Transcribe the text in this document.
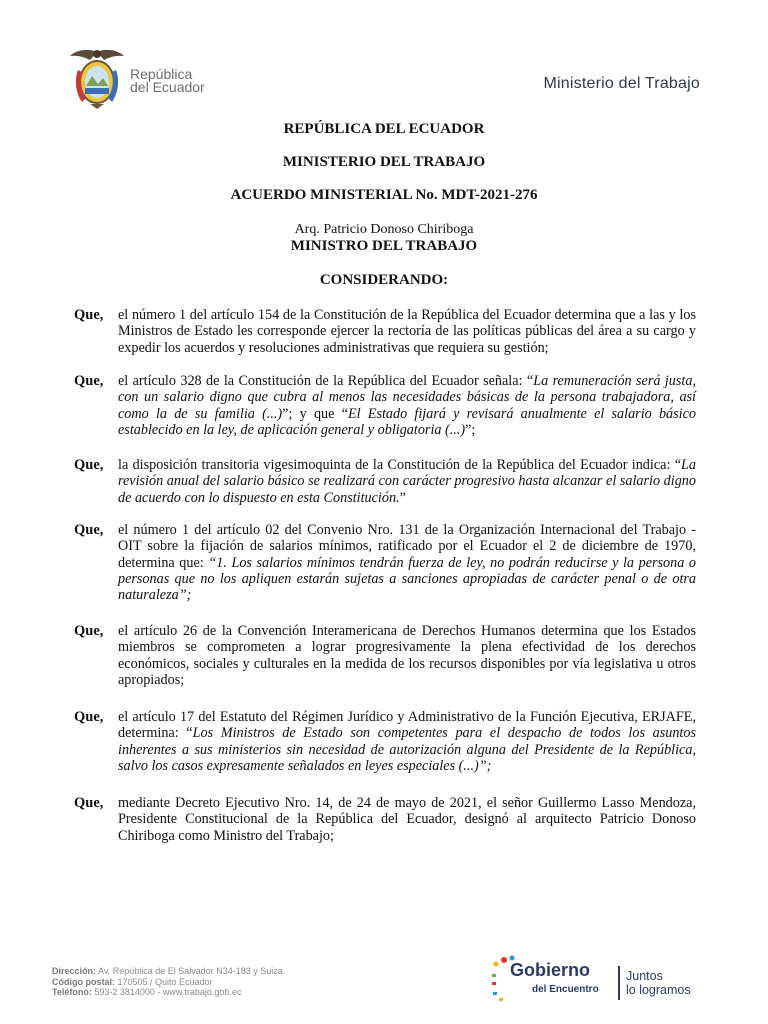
República
del Ecuador	Ministerio del Trabajo
REPÚBLICA DEL ECUADOR
MINISTERIO DEL TRABAJO
ACUERDO MINISTERIAL No. MDT-2021-276
Arq. Patricio Donoso Chiriboga
MINISTRO DEL TRABAJO
CONSIDERANDO:
Que, el número 1 del artículo 154 de la Constitución de la República del Ecuador determina que a las y los Ministros de Estado les corresponde ejercer la rectoría de las políticas públicas del área a su cargo y expedir los acuerdos y resoluciones administrativas que requiera su gestión;
Que, el artículo 328 de la Constitución de la República del Ecuador señala: “La remuneración será justa, con un salario digno que cubra al menos las necesidades básicas de la persona trabajadora, así como la de su familia (...)”; y que “El Estado fijará y revisará anualmente el salario básico establecido en la ley, de aplicación general y obligatoria (...)”;
Que, la disposición transitoria vigesimoquinta de la Constitución de la República del Ecuador indica: “La revisión anual del salario básico se realizará con carácter progresivo hasta alcanzar el salario digno de acuerdo con lo dispuesto en esta Constitución.”
Que, el número 1 del artículo 02 del Convenio Nro. 131 de la Organización Internacional del Trabajo - OIT sobre la fijación de salarios mínimos, ratificado por el Ecuador el 2 de diciembre de 1970, determina que: “1. Los salarios mínimos tendrán fuerza de ley, no podrán reducirse y la persona o personas que no los apliquen estarán sujetas a sanciones apropiadas de carácter penal o de otra naturaleza”;
Que, el artículo 26 de la Convención Interamericana de Derechos Humanos determina que los Estados miembros se comprometen a lograr progresivamente la plena efectividad de los derechos económicos, sociales y culturales en la medida de los recursos disponibles por vía legislativa u otros apropiados;
Que, el artículo 17 del Estatuto del Régimen Jurídico y Administrativo de la Función Ejecutiva, ERJAFE, determina: “Los Ministros de Estado son competentes para el despacho de todos los asuntos inherentes a sus ministerios sin necesidad de autorización alguna del Presidente de la República, salvo los casos expresamente señalados en leyes especiales (...)”;
Que, mediante Decreto Ejecutivo Nro. 14, de 24 de mayo de 2021, el señor Guillermo Lasso Mendoza, Presidente Constitucional de la República del Ecuador, designó al arquitecto Patricio Donoso Chiriboga como Ministro del Trabajo;
Dirección: Av. República de El Salvador N34-183 y Suiza.
Código postal: 170505 / Quito Ecuador
Teléfono: 593-2 3814000 - www.trabajo.gob.ec
Gobierno
del Encuentro
Juntos
lo logramos
